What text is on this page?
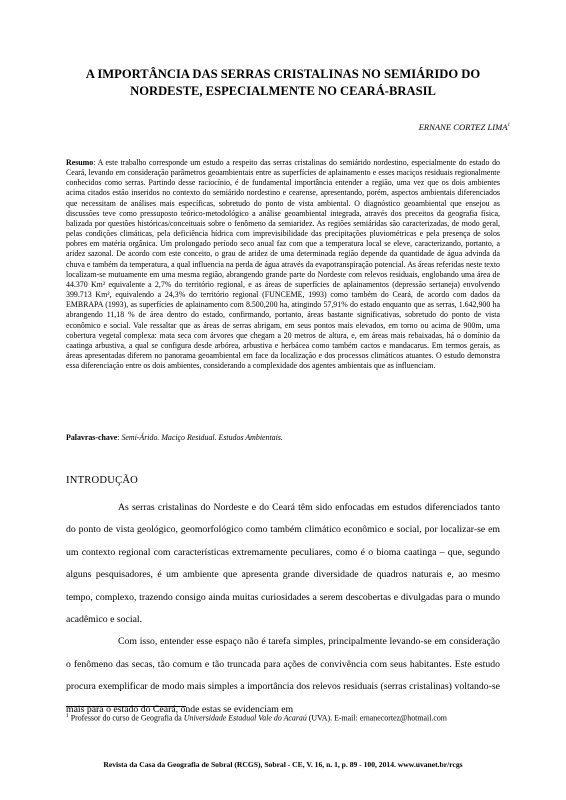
A IMPORTÂNCIA DAS SERRAS CRISTALINAS NO SEMIÁRIDO DO NORDESTE, ESPECIALMENTE NO CEARÁ-BRASIL
ERNANE CORTEZ LIMA$^1$
Resumo: A este trabalho corresponde um estudo a respeito das serras cristalinas do semiárido nordestino, especialmente do estado do Ceará, levando em consideração parâmetros geoambientais entre as superfícies de aplainamento e esses maciços residuais regionalmente conhecidos como serras. Partindo desse raciocínio, é de fundamental importância entender a região, uma vez que os dois ambientes acima citados estão inseridos no contexto do semiárido nordestino e cearense, apresentando, porém, aspectos ambientais diferenciados que necessitam de análises mais específicas, sobretudo do ponto de vista ambiental. O diagnóstico geoambiental que ensejou as discussões teve como pressuposto teórico-metodológico a análise geoambiental integrada, através dos preceitos da geografia física, balizada por questões históricas/conceituais sobre o fenômeno da semiaridez. As regiões semiáridas são caracterizadas, de modo geral, pelas condições climáticas, pela deficiência hídrica com imprevisibilidade das precipitações pluviométricas e pela presença de solos pobres em matéria orgânica. Um prolongado período seco anual faz com que a temperatura local se eleve, caracterizando, portanto, a aridez sazonal. De acordo com este conceito, o grau de aridez de uma determinada região depende da quantidade de água advinda da chuva e também da temperatura, a qual influencia na perda de água através da evapotranspiração potencial. As áreas referidas neste texto localizam-se mutuamente em uma mesma região, abrangendo grande parte do Nordeste com relevos residuais, englobando uma área de 44.370 Km² equivalente a 2,7% do território regional, e as áreas de superfícies de aplainamentos (depressão sertaneja) envolvendo 399.713 Km², equivalendo a 24,3% do território regional (FUNCEME, 1993) como também do Ceará, de acordo com dados da EMBRAPA (1993), as superfícies de aplainamento com 8.500,200 ha, atingindo 57,91% do estado enquanto que as serras, 1.642,900 ha abrangendo 11,18 % de área dentro do estado, confirmando, portanto, áreas bastante significativas, sobretudo do ponto de vista econômico e social. Vale ressaltar que as áreas de serras abrigam, em seus pontos mais elevados, em torno ou acima de 900m, uma cobertura vegetal complexa: mata seca com árvores que chegam a 20 metros de altura, e, em áreas mais rebaixadas, há o domínio da caatinga arbustiva, a qual se configura desde arbórea, arbustiva e herbácea como também cactos e mandacarus. Em termos gerais, as áreas apresentadas diferem no panorama geoambiental em face da localização e dos processos climáticos atuantes. O estudo demonstra essa diferenciação entre os dois ambientes, considerando a complexidade dos agentes ambientais que as influenciam.
Palavras-chave: Semi-Árido. Maciço Residual. Estudos Ambientais.
INTRODUÇÃO

As serras cristalinas do Nordeste e do Ceará têm sido enfocadas em estudos diferenciados tanto do ponto de vista geológico, geomorfológico como também climático econômico e social, por localizar-se em um contexto regional com características extremamente peculiares, como é o bioma caatinga – que, segundo alguns pesquisadores, é um ambiente que apresenta grande diversidade de quadros naturais e, ao mesmo tempo, complexo, trazendo consigo ainda muitas curiosidades a serem descobertas e divulgadas para o mundo acadêmico e social.

Com isso, entender esse espaço não é tarefa simples, principalmente levando-se em consideração o fenômeno das secas, tão comum e tão truncada para ações de convivência com seus habitantes. Este estudo procura exemplificar de modo mais simples a importância dos relevos residuais (serras cristalinas) voltando-se mais para o estado do Ceará, onde estas se evidenciam em

$^1$ Professor do curso de Geografia da Universidade Estadual Vale do Acaraú (UVA). E-mail: ernanecortez@hotmail.com
Revista da Casa da Geografia de Sobral (RCGS), Sobral - CE, V. 16, n. 1, p. 89 - 100, 2014. www.uvanet.br/rcgs
